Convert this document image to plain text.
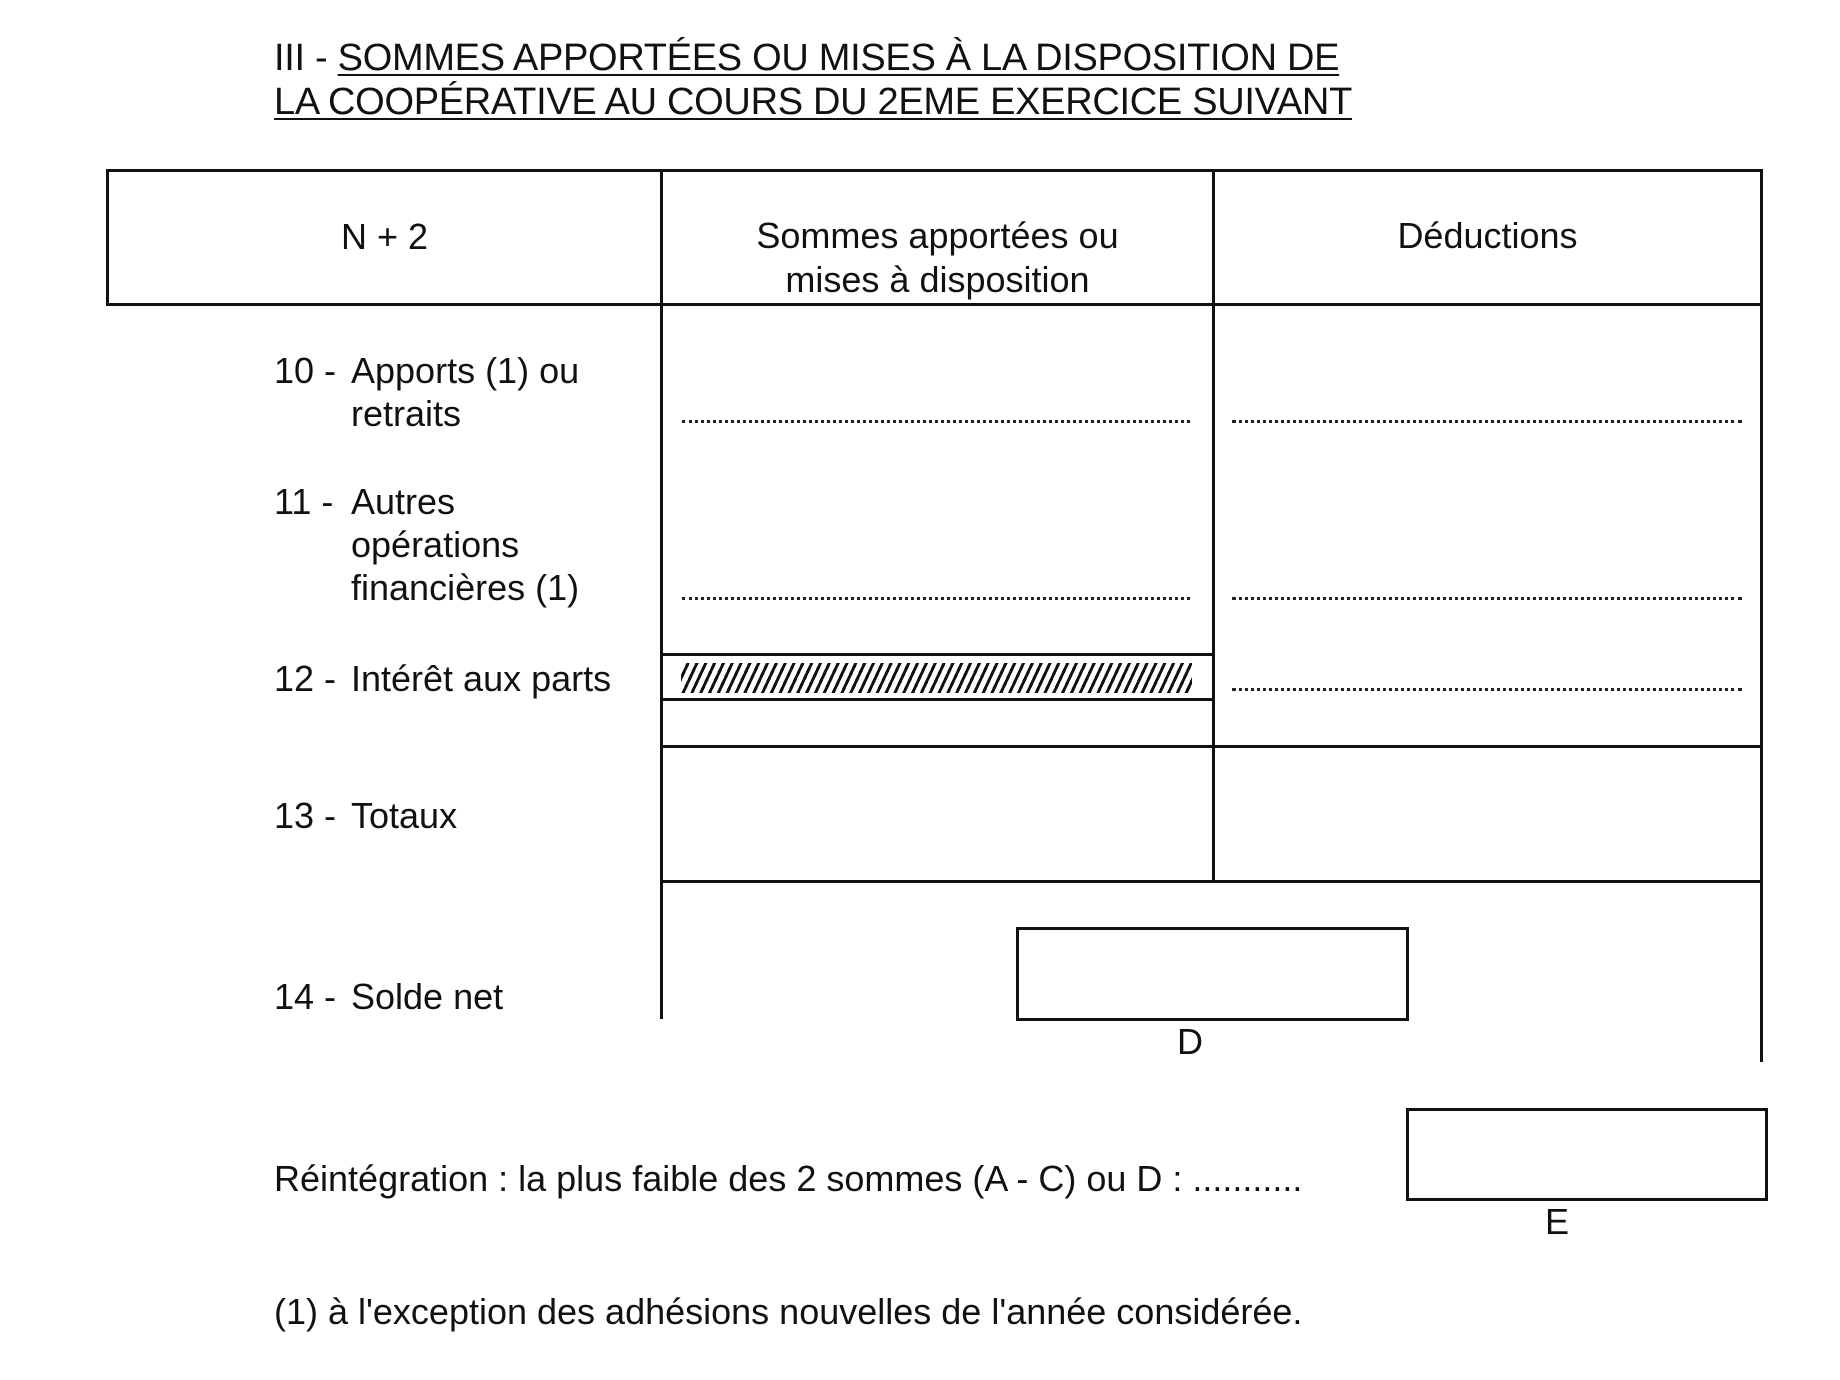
III - SOMMES APPORTÉES OU MISES À LA DISPOSITION DE
LA COOPÉRATIVE AU COURS DU 2EME EXERCICE SUIVANT
N + 2	Sommes apportées ou
mises à disposition
Déductions
10 - Apports (1) ou
retraits
11 - Autres
opérations
financières (1)
12 - Intérêt aux parts
13 - Totaux
14 - Solde net
D
Réintégration : la plus faible des 2 sommes (A - C) ou D : ...........
E
(1) à l'exception des adhésions nouvelles de l'année considérée.
